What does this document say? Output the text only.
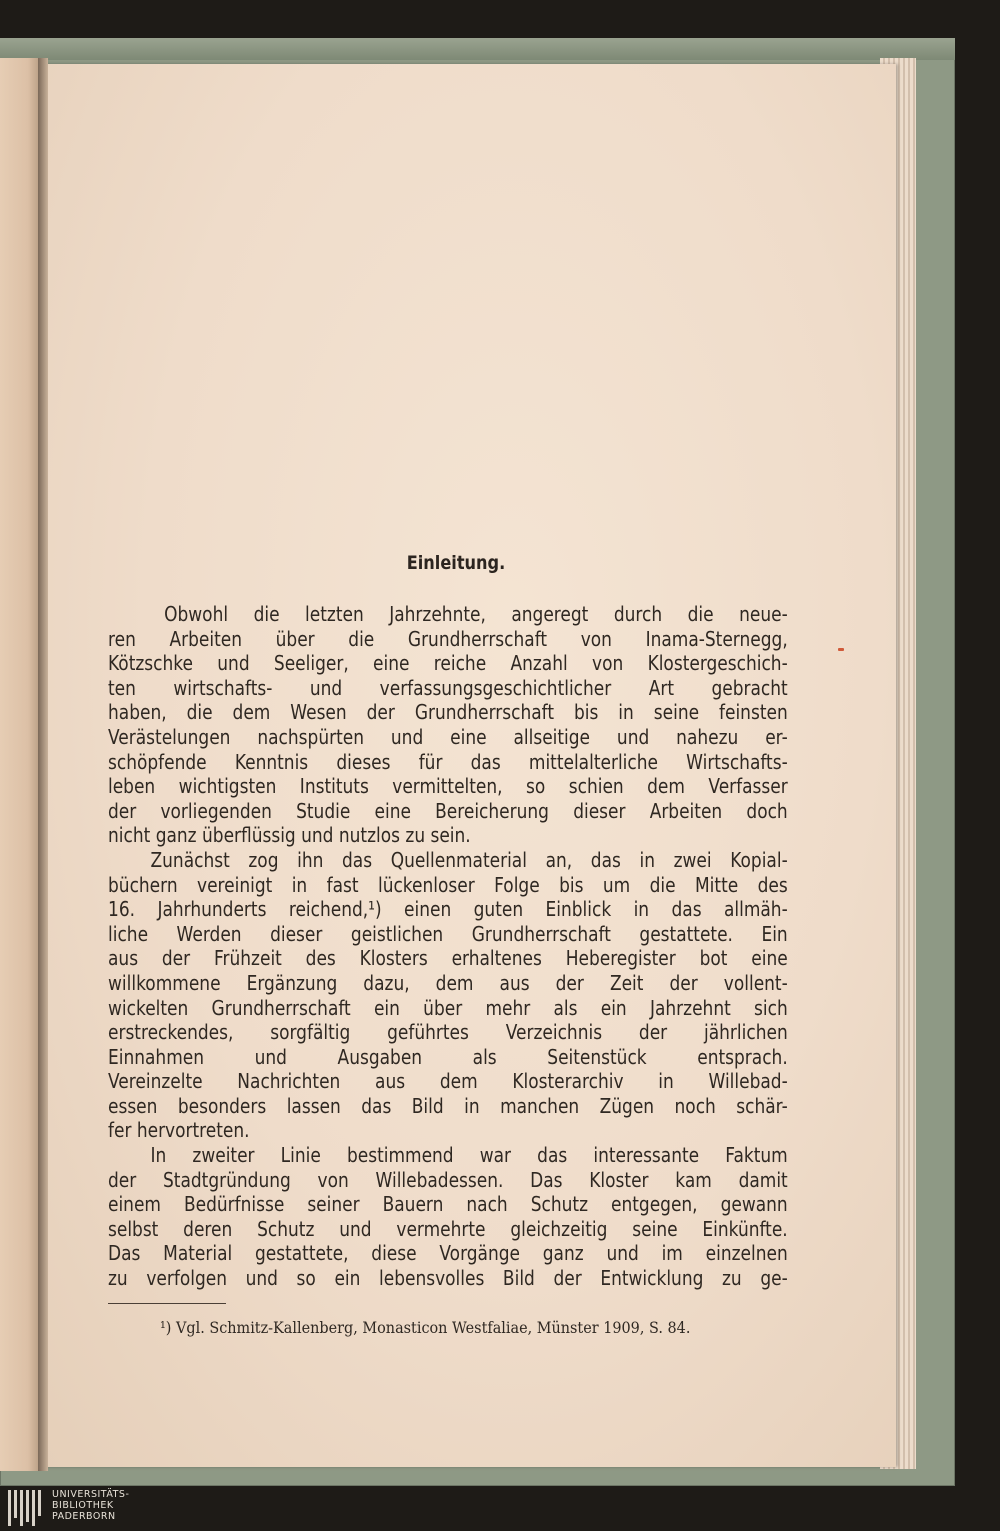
Einleitung.
Obwohl die letzten Jahrzehnte, angeregt durch die neue-
ren Arbeiten über die Grundherrschaft von Inama-Sternegg,
Kötzschke und Seeliger, eine reiche Anzahl von Klostergeschich-
ten wirtschafts- und verfassungsgeschichtlicher Art gebracht
haben, die dem Wesen der Grundherrschaft bis in seine feinsten
Verästelungen nachspürten und eine allseitige und nahezu er-
schöpfende Kenntnis dieses für das mittelalterliche Wirtschafts-
leben wichtigsten Instituts vermittelten, so schien dem Verfasser
der vorliegenden Studie eine Bereicherung dieser Arbeiten doch
nicht ganz überflüssig und nutzlos zu sein.
Zunächst zog ihn das Quellenmaterial an, das in zwei Kopial-
büchern vereinigt in fast lückenloser Folge bis um die Mitte des
16. Jahrhunderts reichend,¹) einen guten Einblick in das allmäh-
liche Werden dieser geistlichen Grundherrschaft gestattete. Ein
aus der Frühzeit des Klosters erhaltenes Heberegister bot eine
willkommene Ergänzung dazu, dem aus der Zeit der vollent-
wickelten Grundherrschaft ein über mehr als ein Jahrzehnt sich
erstreckendes, sorgfältig geführtes Verzeichnis der jährlichen
Einnahmen und Ausgaben als Seitenstück entsprach.
Vereinzelte Nachrichten aus dem Klosterarchiv in Willebad-
essen besonders lassen das Bild in manchen Zügen noch schär-
fer hervortreten.
In zweiter Linie bestimmend war das interessante Faktum
der Stadtgründung von Willebadessen. Das Kloster kam damit
einem Bedürfnisse seiner Bauern nach Schutz entgegen, gewann
selbst deren Schutz und vermehrte gleichzeitig seine Einkünfte.
Das Material gestattete, diese Vorgänge ganz und im einzelnen
zu verfolgen und so ein lebensvolles Bild der Entwicklung zu ge-
¹) Vgl. Schmitz-Kallenberg, Monasticon Westfaliae, Münster 1909, S. 84.
UNIVERSITÄTS-
BIBLIOTHEK
PADERBORN
